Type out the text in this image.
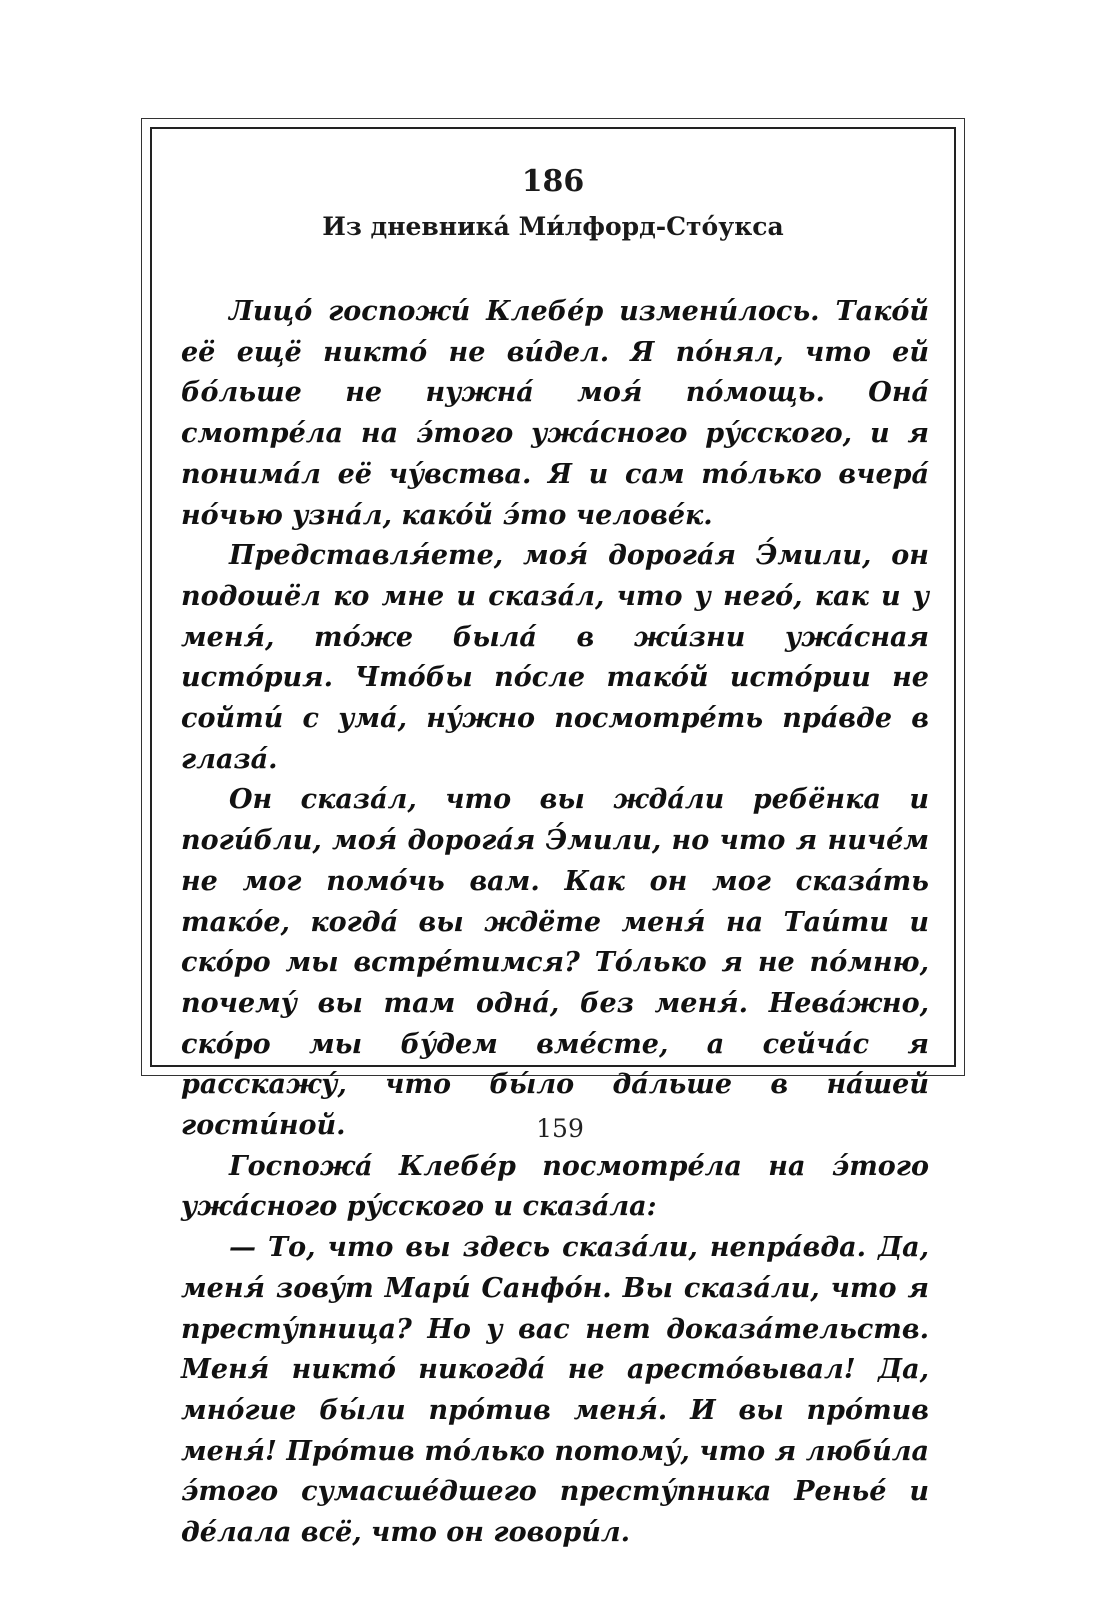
186
Из дневника́ Ми́лфорд-Сто́укса

Лицо́ госпожи́ Клебе́р измени́лось. Тако́й её ещё никто́ не ви́дел. Я по́нял, что ей бо́льше не нужна́ моя́ по́мощь. Она́ смотре́ла на э́того ужа́сного ру́сского, и я понима́л её чу́вства. Я и сам то́лько вчера́ но́чью узна́л, како́й э́то челове́к.

Представля́ете, моя́ дорога́я Э́мили, он подошёл ко мне и сказа́л, что у него́, как и у меня́, то́же была́ в жи́зни ужа́сная исто́рия. Что́бы по́сле тако́й исто́рии не сойти́ с ума́, ну́жно посмотре́ть пра́вде в глаза́.

Он сказа́л, что вы жда́ли ребёнка и поги́бли, моя́ дорога́я Э́мили, но что я ниче́м не мог помо́чь вам. Как он мог сказа́ть тако́е, когда́ вы ждёте меня́ на Таи́ти и ско́ро мы встре́тимся? То́лько я не по́мню, почему́ вы там одна́, без меня́. Нева́жно, ско́ро мы бу́дем вме́сте, а сейча́с я расскажу́, что бы́ло да́льше в на́шей гости́ной.

Госпожа́ Клебе́р посмотре́ла на э́того ужа́сного ру́сского и сказа́ла:

— То, что вы здесь сказа́ли, непра́вда. Да, меня́ зову́т Мари́ Санфо́н. Вы сказа́ли, что я престу́пница? Но у вас нет доказа́тельств. Меня́ никто́ никогда́ не аресто́вывал! Да, мно́гие бы́ли про́тив меня́. И вы про́тив меня́! Про́тив то́лько потому́, что я люби́ла э́того сумасше́дшего престу́пника Ренье́ и де́лала всё, что он говори́л.

159
